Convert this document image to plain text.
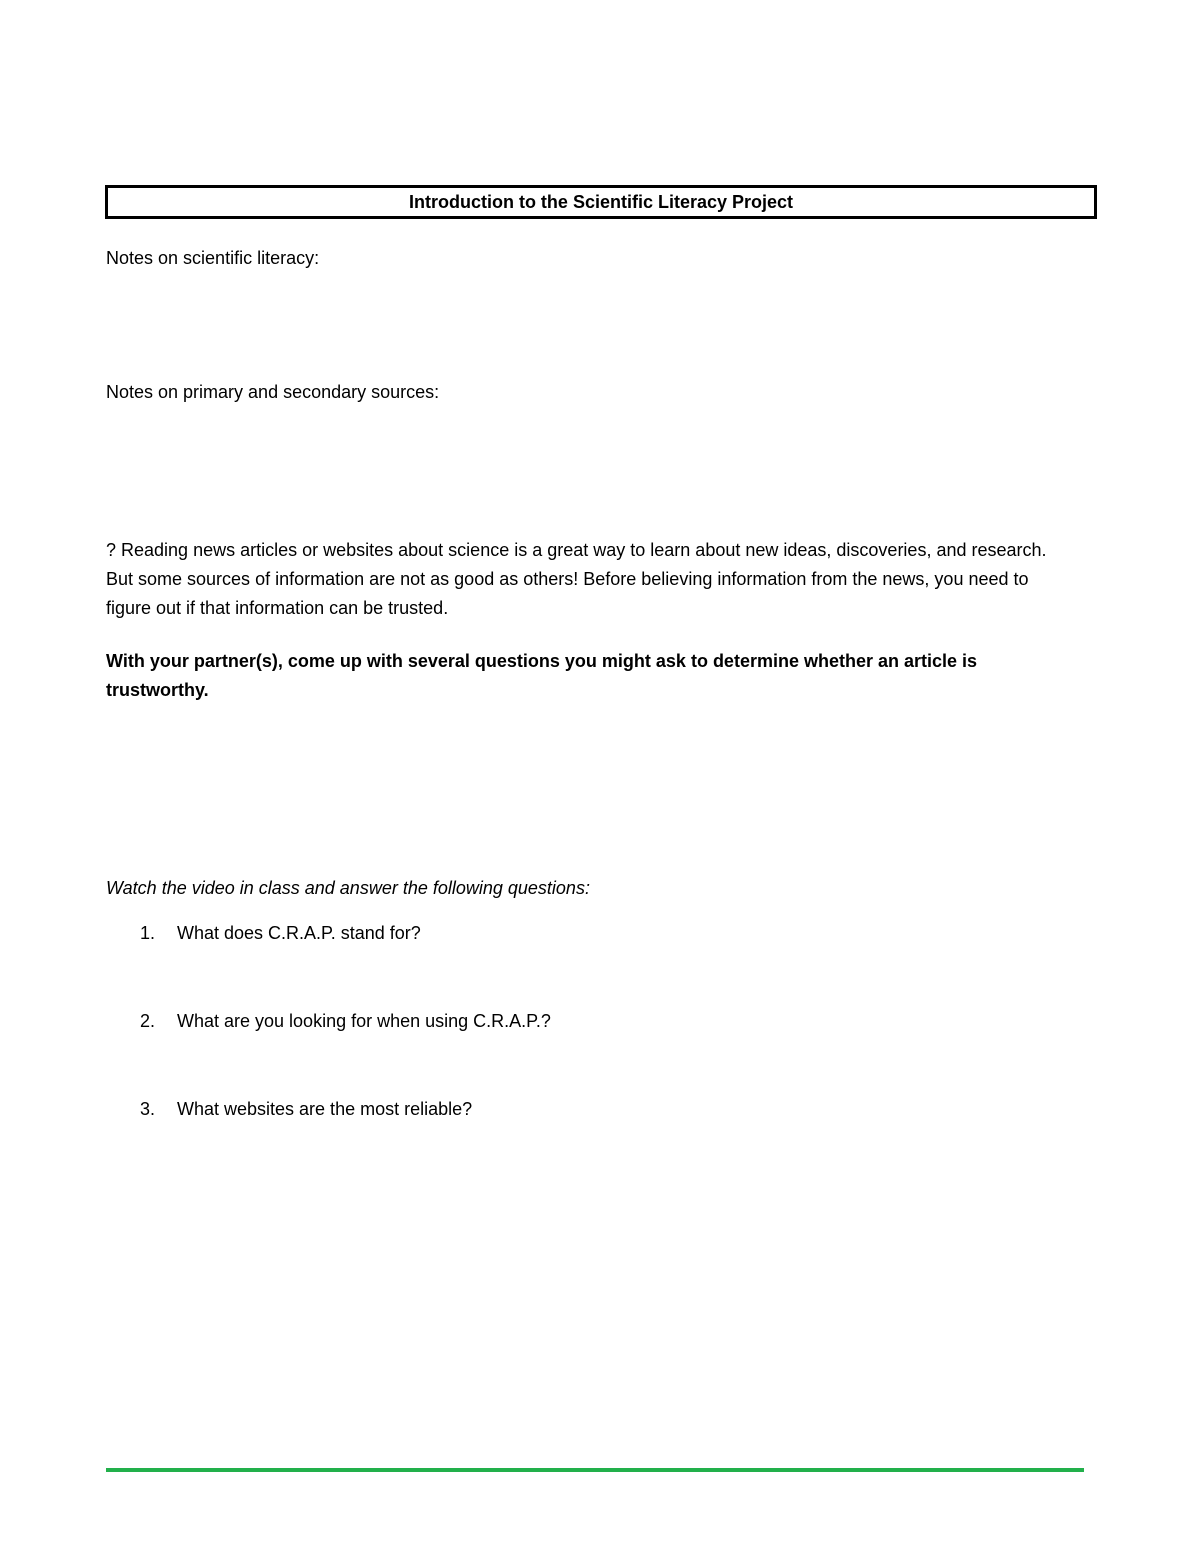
Introduction to the Scientific Literacy Project
Notes on scientific literacy:
Notes on primary and secondary sources:
? Reading news articles or websites about science is a great way to learn about new ideas, discoveries, and research. But some sources of information are not as good as others! Before believing information from the news, you need to figure out if that information can be trusted.
With your partner(s), come up with several questions you might ask to determine whether an article is trustworthy.
Watch the video in class and answer the following questions:
1. What does C.R.A.P. stand for?
2. What are you looking for when using C.R.A.P.?
3. What websites are the most reliable?
